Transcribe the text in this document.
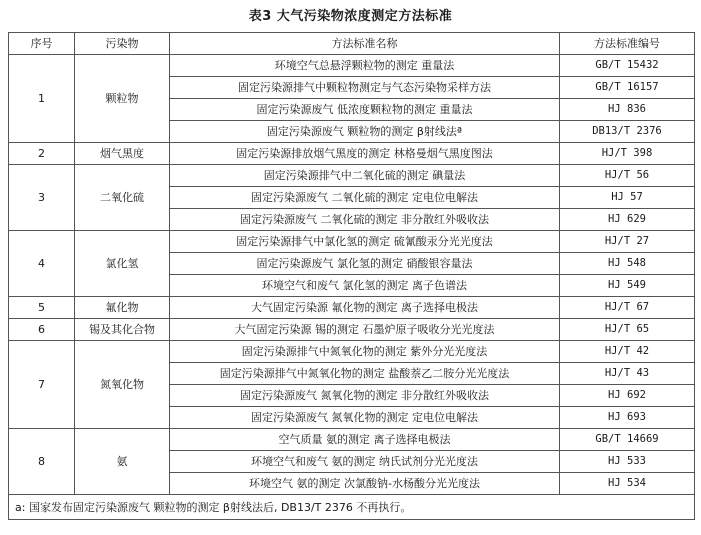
表3 大气污染物浓度测定方法标准
序号	污染物	方法标准名称	方法标准编号
1	颗粒物	环境空气总悬浮颗粒物的测定 重量法	GB/T 15432
		固定污染源排气中颗粒物测定与气态污染物采样方法	GB/T 16157
		固定污染源废气 低浓度颗粒物的测定 重量法	HJ 836
		固定污染源废气 颗粒物的测定 β射线法ª	DB13/T 2376
2	烟气黑度	固定污染源排放烟气黑度的测定 林格曼烟气黑度图法	HJ/T 398
3	二氧化硫	固定污染源排气中二氧化硫的测定 碘量法	HJ/T 56
		固定污染源废气 二氧化硫的测定 定电位电解法	HJ 57
		固定污染源废气 二氧化硫的测定 非分散红外吸收法	HJ 629
4	氯化氢	固定污染源排气中氯化氢的测定 硫氰酸汞分光光度法	HJ/T 27
		固定污染源废气 氯化氢的测定 硝酸银容量法	HJ 548
		环境空气和废气 氯化氢的测定 离子色谱法	HJ 549
5	氟化物	大气固定污染源 氟化物的测定 离子选择电极法	HJ/T 67
6	锡及其化合物	大气固定污染源 锡的测定 石墨炉原子吸收分光光度法	HJ/T 65
7	氮氧化物	固定污染源排气中氮氧化物的测定 紫外分光光度法	HJ/T 42
		固定污染源排气中氮氧化物的测定 盐酸萘乙二胺分光光度法	HJ/T 43
		固定污染源废气 氮氧化物的测定 非分散红外吸收法	HJ 692
		固定污染源废气 氮氧化物的测定 定电位电解法	HJ 693
8	氨	空气质量 氨的测定 离子选择电极法	GB/T 14669
		环境空气和废气 氨的测定 纳氏试剂分光光度法	HJ 533
		环境空气 氨的测定 次氯酸钠-水杨酸分光光度法	HJ 534
a: 国家发布固定污染源废气 颗粒物的测定 β射线法后, DB13/T 2376 不再执行。			
